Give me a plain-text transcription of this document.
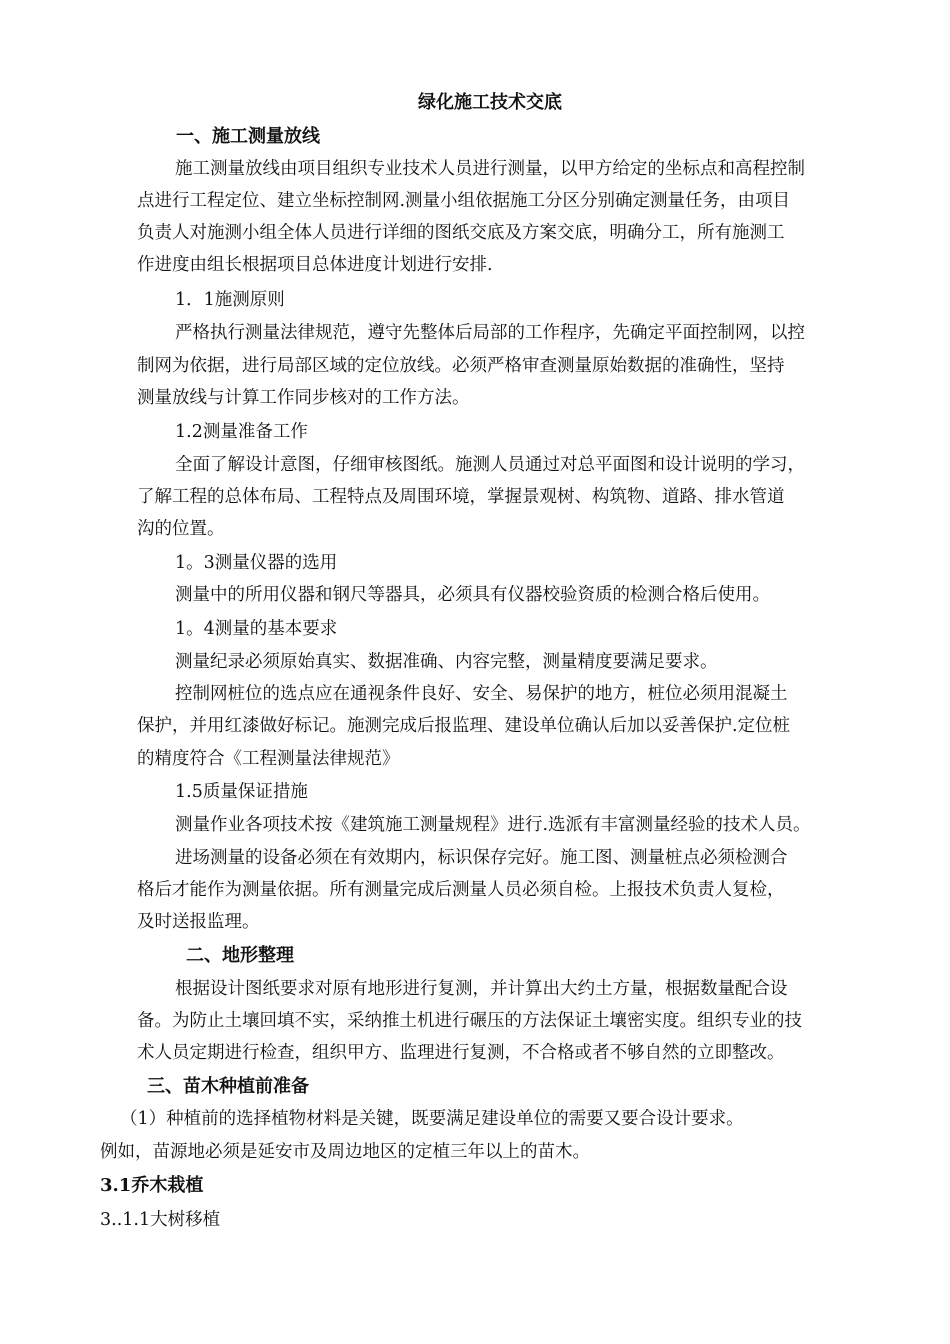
绿化施工技术交底
一、施工测量放线
施工测量放线由项目组织专业技术人员进行测量，以甲方给定的坐标点和高程控制
点进行工程定位、建立坐标控制网.测量小组依据施工分区分别确定测量任务，由项目
负责人对施测小组全体人员进行详细的图纸交底及方案交底，明确分工，所有施测工
作进度由组长根据项目总体进度计划进行安排.
1．1施测原则
严格执行测量法律规范，遵守先整体后局部的工作程序，先确定平面控制网，以控
制网为依据，进行局部区域的定位放线。必须严格审查测量原始数据的准确性，坚持
测量放线与计算工作同步核对的工作方法。
1.2测量准备工作
全面了解设计意图，仔细审核图纸。施测人员通过对总平面图和设计说明的学习，
了解工程的总体布局、工程特点及周围环境，掌握景观树、构筑物、道路、排水管道
沟的位置。
1。3测量仪器的选用
测量中的所用仪器和钢尺等器具，必须具有仪器校验资质的检测合格后使用。
1。4测量的基本要求
测量纪录必须原始真实、数据准确、内容完整，测量精度要满足要求。
控制网桩位的选点应在通视条件良好、安全、易保护的地方，桩位必须用混凝土
保护，并用红漆做好标记。施测完成后报监理、建设单位确认后加以妥善保护.定位桩
的精度符合《工程测量法律规范》
1.5质量保证措施
测量作业各项技术按《建筑施工测量规程》进行.选派有丰富测量经验的技术人员。
进场测量的设备必须在有效期内，标识保存完好。施工图、测量桩点必须检测合
格后才能作为测量依据。所有测量完成后测量人员必须自检。上报技术负责人复检，
及时送报监理。
二、地形整理
根据设计图纸要求对原有地形进行复测，并计算出大约土方量，根据数量配合设
备。为防止土壤回填不实，采纳推土机进行碾压的方法保证土壤密实度。组织专业的技
术人员定期进行检查，组织甲方、监理进行复测，不合格或者不够自然的立即整改。
三、苗木种植前准备
（1）种植前的选择植物材料是关键，既要满足建设单位的需要又要合设计要求。
例如，苗源地必须是延安市及周边地区的定植三年以上的苗木。
3.1乔木栽植
3..1.1大树移植
